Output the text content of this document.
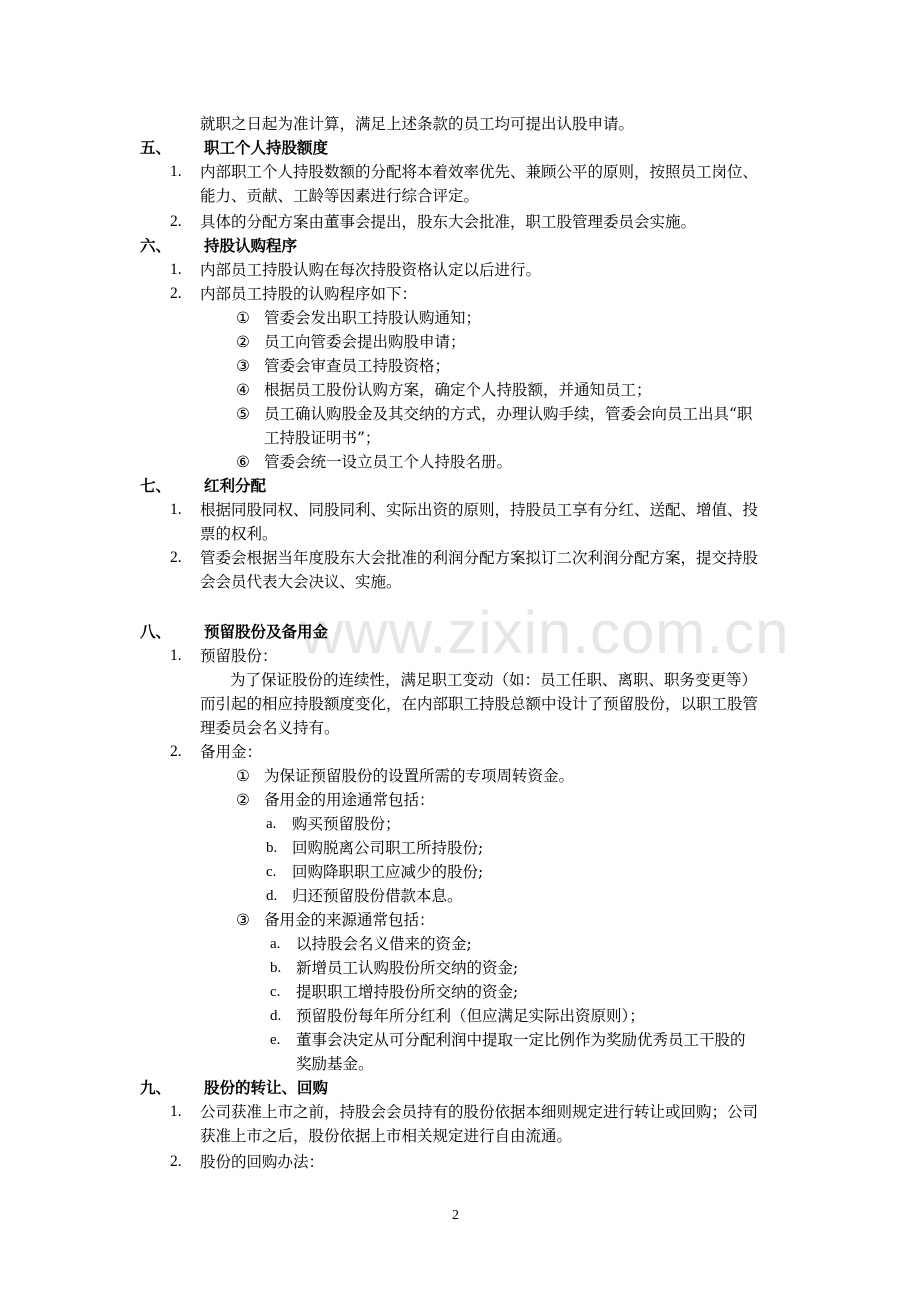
www.zixin.com.cn
就职之日起为准计算，满足上述条款的员工均可提出认股申请。
五、 职工个人持股额度
1. 内部职工个人持股数额的分配将本着效率优先、兼顾公平的原则，按照员工岗位、
能力、贡献、工龄等因素进行综合评定。
2. 具体的分配方案由董事会提出，股东大会批准，职工股管理委员会实施。
六、 持股认购程序
1. 内部员工持股认购在每次持股资格认定以后进行。
2. 内部员工持股的认购程序如下：
① 管委会发出职工持股认购通知；
② 员工向管委会提出购股申请；
③ 管委会审查员工持股资格；
④ 根据员工股份认购方案，确定个人持股额，并通知员工；
⑤ 员工确认购股金及其交纳的方式，办理认购手续，管委会向员工出具“职
工持股证明书”；
⑥ 管委会统一设立员工个人持股名册。
七、 红利分配
1. 根据同股同权、同股同利、实际出资的原则，持股员工享有分红、送配、增值、投
票的权利。
2. 管委会根据当年度股东大会批准的利润分配方案拟订二次利润分配方案，提交持股
会会员代表大会决议、实施。
八、 预留股份及备用金
1. 预留股份：
为了保证股份的连续性，满足职工变动（如：员工任职、离职、职务变更等）
而引起的相应持股额度变化，在内部职工持股总额中设计了预留股份，以职工股管
理委员会名义持有。
2. 备用金：
① 为保证预留股份的设置所需的专项周转资金。
② 备用金的用途通常包括：
a. 购买预留股份；
b. 回购脱离公司职工所持股份;
c. 回购降职职工应减少的股份;
d. 归还预留股份借款本息。
③ 备用金的来源通常包括：
a. 以持股会名义借来的资金;
b. 新增员工认购股份所交纳的资金;
c. 提职职工增持股份所交纳的资金;
d. 预留股份每年所分红利（但应满足实际出资原则）；
e. 董事会决定从可分配利润中提取一定比例作为奖励优秀员工干股的
奖励基金。
九、 股份的转让、回购
1. 公司获准上市之前，持股会会员持有的股份依据本细则规定进行转让或回购；公司
获准上市之后，股份依据上市相关规定进行自由流通。
2. 股份的回购办法：
2
